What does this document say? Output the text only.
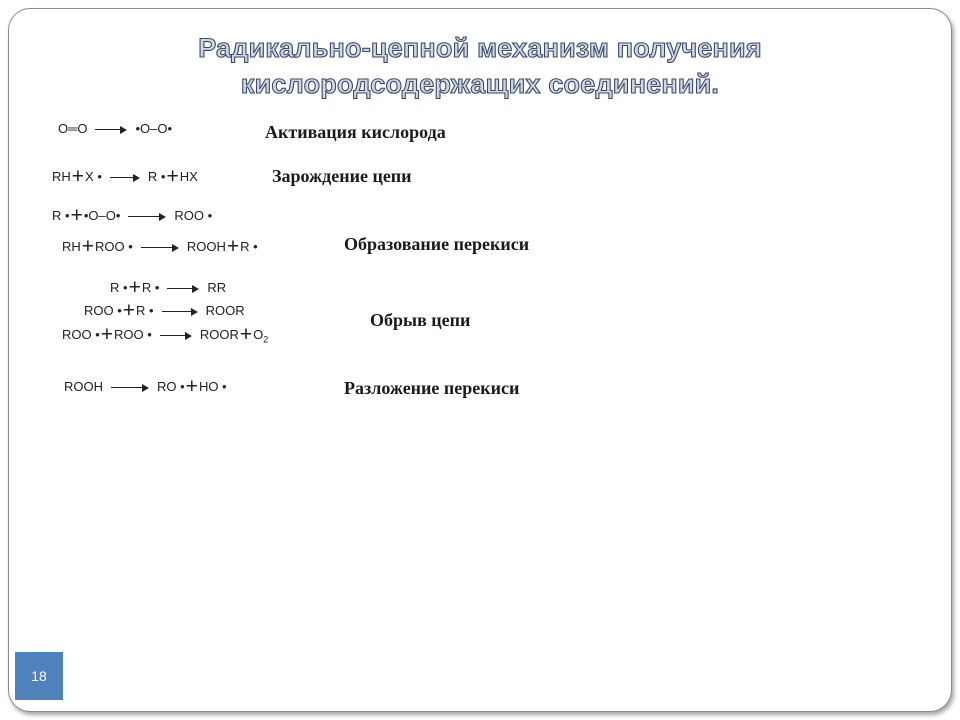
Радикально-цепной механизм получения
кислородсодержащих соединений.
O═O	•O–O•	Активация кислорода
RH+X •	R •+HX	Зарождение цепи
R •+•O–O•	ROO •
RH+ROO •	ROOH+R •	Образование перекиси
R •+R •	RR
ROO •+R •	ROOR
ROO •+ROO •	$ROOR+O_2$
Обрыв цепи
ROOH	RO •+HO •	Разложение перекиси
18
